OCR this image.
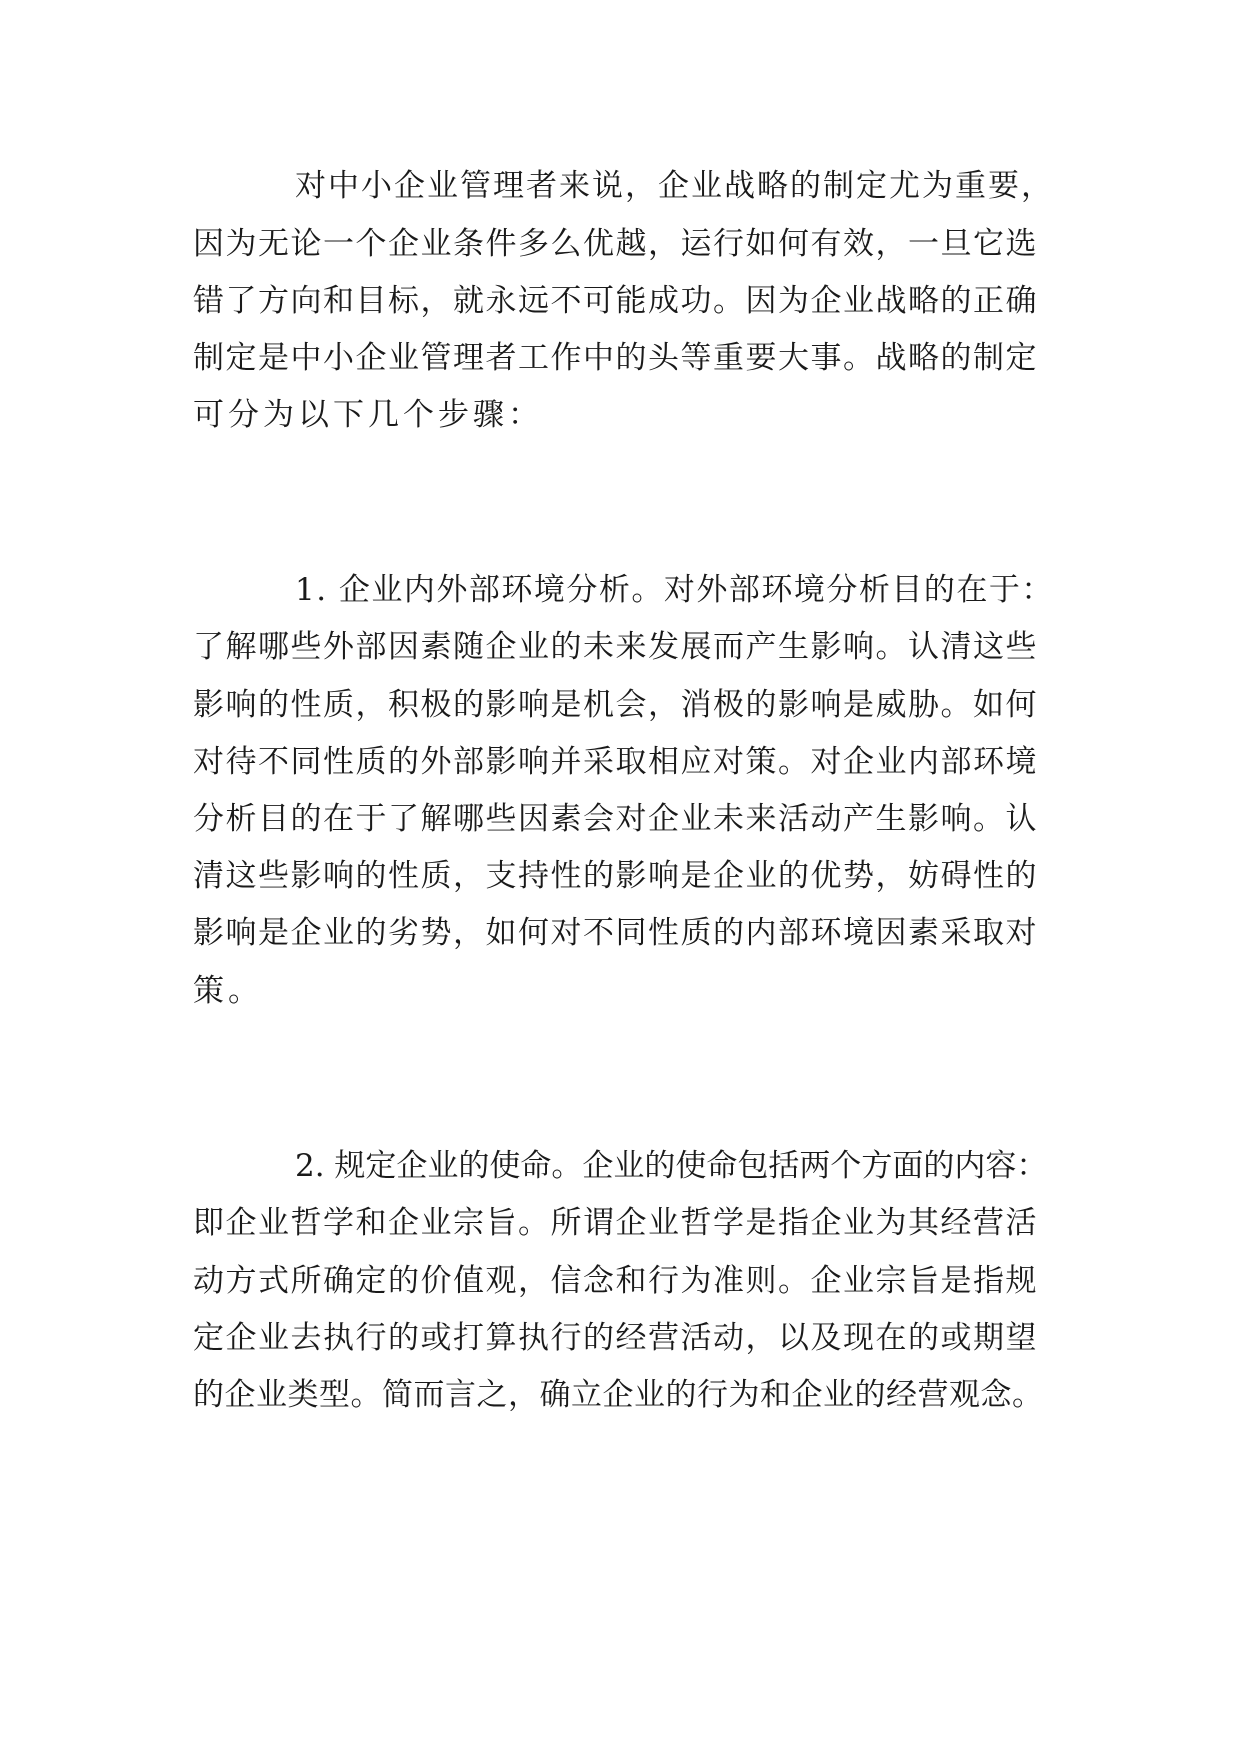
对中小企业管理者来说，企业战略的制定尤为重要，
因为无论一个企业条件多么优越，运行如何有效，一旦它选
错了方向和目标，就永远不可能成功。因为企业战略的正确
制定是中小企业管理者工作中的头等重要大事。战略的制定
可分为以下几个步骤：
1. 企业内外部环境分析。对外部环境分析目的在于：
了解哪些外部因素随企业的未来发展而产生影响。认清这些
影响的性质，积极的影响是机会，消极的影响是威胁。如何
对待不同性质的外部影响并采取相应对策。对企业内部环境
分析目的在于了解哪些因素会对企业未来活动产生影响。认
清这些影响的性质，支持性的影响是企业的优势，妨碍性的
影响是企业的劣势，如何对不同性质的内部环境因素采取对
策。
2. 规定企业的使命。企业的使命包括两个方面的内容：
即企业哲学和企业宗旨。所谓企业哲学是指企业为其经营活
动方式所确定的价值观，信念和行为准则。企业宗旨是指规
定企业去执行的或打算执行的经营活动，以及现在的或期望
的企业类型。简而言之，确立企业的行为和企业的经营观念。
